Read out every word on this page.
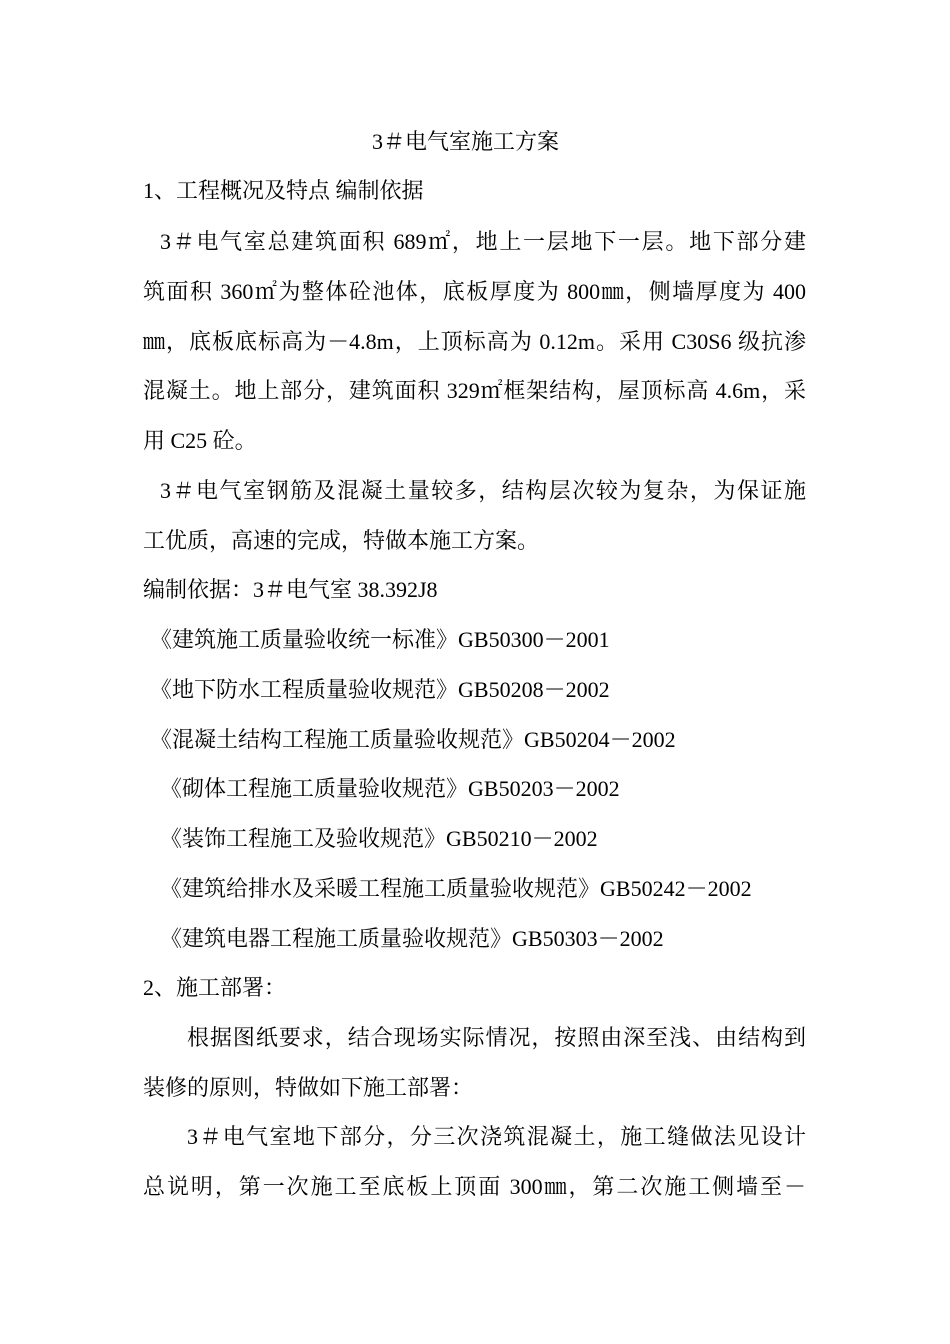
3＃电气室施工方案
1、工程概况及特点 编制依据
3＃电气室总建筑面积 689㎡，地上一层地下一层。地下部分建
筑面积 360㎡为整体砼池体，底板厚度为 800㎜，侧墙厚度为 400
㎜，底板底标高为－4.8m，上顶标高为 0.12m。采用 C30S6 级抗渗
混凝土。地上部分，建筑面积 329㎡框架结构，屋顶标高 4.6m，采
用 C25 砼。
3＃电气室钢筋及混凝土量较多，结构层次较为复杂，为保证施
工优质，高速的完成，特做本施工方案。
编制依据：3＃电气室 38.392J8
《建筑施工质量验收统一标准》GB50300－2001
《地下防水工程质量验收规范》GB50208－2002
《混凝土结构工程施工质量验收规范》GB50204－2002
《砌体工程施工质量验收规范》GB50203－2002
《装饰工程施工及验收规范》GB50210－2002
《建筑给排水及采暖工程施工质量验收规范》GB50242－2002
《建筑电器工程施工质量验收规范》GB50303－2002
2、施工部署：
根据图纸要求，结合现场实际情况，按照由深至浅、由结构到
装修的原则，特做如下施工部署：
3＃电气室地下部分，分三次浇筑混凝土，施工缝做法见设计
总说明，第一次施工至底板上顶面 300㎜，第二次施工侧墙至－
